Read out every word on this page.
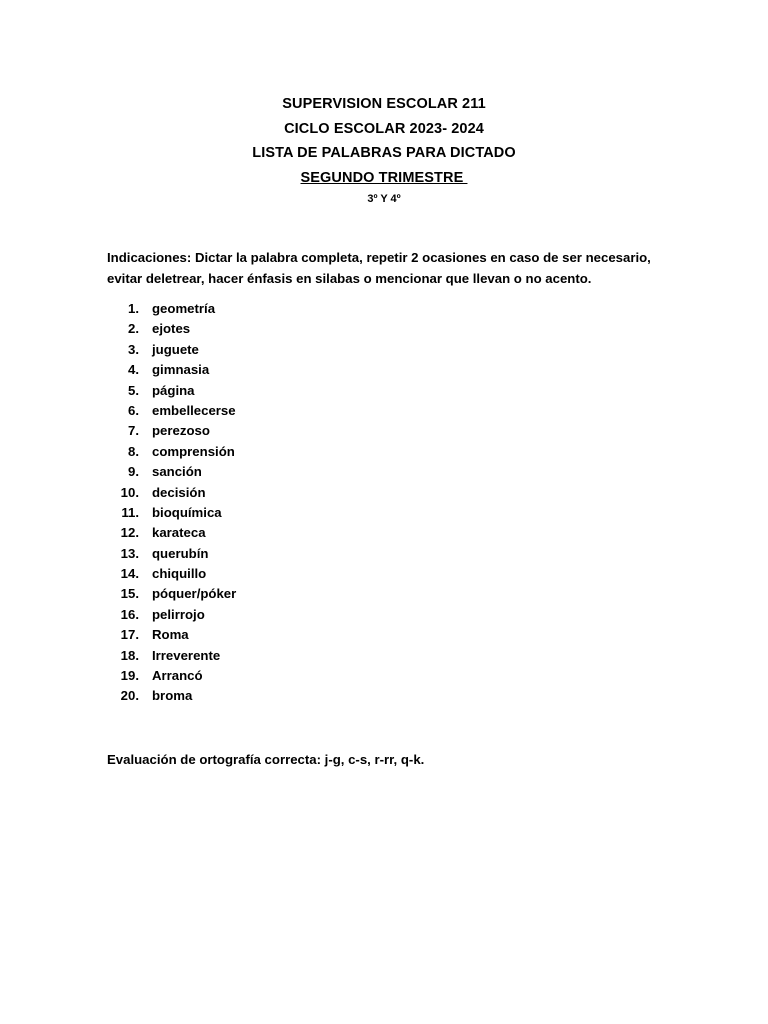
SUPERVISION ESCOLAR 211
CICLO ESCOLAR 2023- 2024
LISTA DE PALABRAS PARA DICTADO
SEGUNDO TRIMESTRE
3º Y 4º
Indicaciones: Dictar la palabra completa, repetir 2 ocasiones en caso de ser necesario, evitar deletrear, hacer énfasis en silabas o mencionar que llevan o no acento.
1. geometría
2. ejotes
3. juguete
4. gimnasia
5. página
6. embellecerse
7. perezoso
8. comprensión
9. sanción
10. decisión
11. bioquímica
12. karateca
13. querubín
14. chiquillo
15. póquer/póker
16. pelirrojo
17. Roma
18. Irreverente
19. Arrancó
20. broma
Evaluación de ortografía correcta: j-g, c-s, r-rr, q-k.
